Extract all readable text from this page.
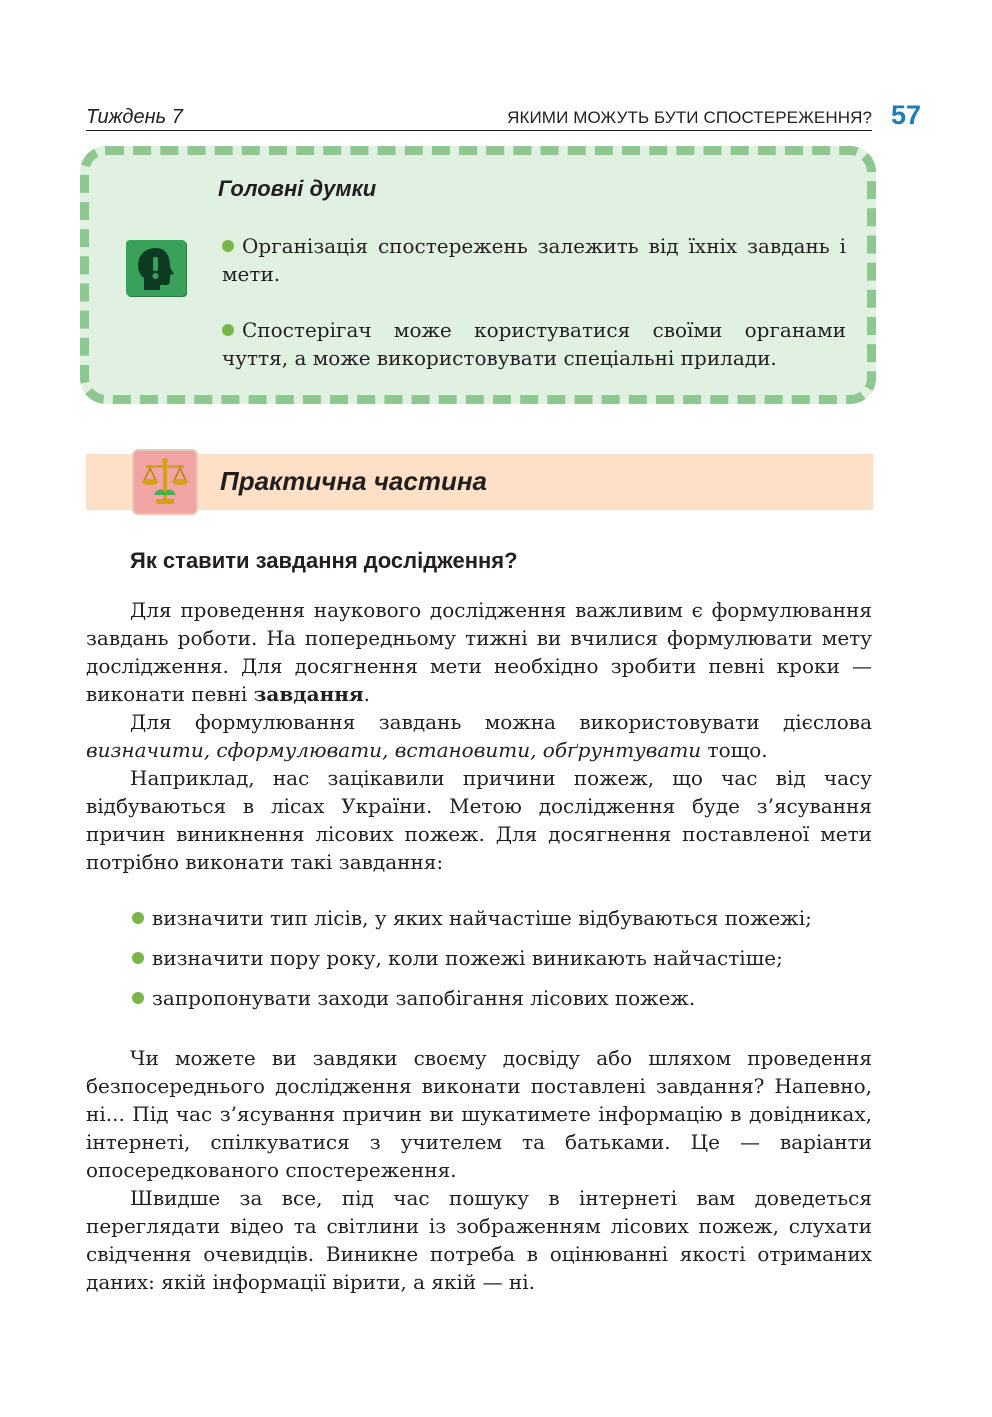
Тиждень 7	ЯКИМИ МОЖУТЬ БУТИ СПОСТЕРЕЖЕННЯ? 57
Головні думки
Організація спостережень залежить від їхніх завдань і мети.
Спостерігач може користуватися своїми органами чуття, а може використовувати спеціальні прилади.
Практична частина
Як ставити завдання дослідження?

Для проведення наукового дослідження важливим є формулювання завдань роботи. На попередньому тижні ви вчилися формулювати мету дослідження. Для досягнення мети необхідно зробити певні кроки — виконати певні завдання.

Для формулювання завдань можна використовувати дієслова визначити, сформулювати, встановити, обґрунтувати тощо.

Наприклад, нас зацікавили причини пожеж, що час від часу відбуваються в лісах України. Метою дослідження буде з’ясування причин виникнення лісових пожеж. Для досягнення поставленої мети потрібно виконати такі завдання:

визначити тип лісів, у яких найчастіше відбуваються пожежі;
визначити пору року, коли пожежі виникають найчастіше;
запропонувати заходи запобігання лісових пожеж.

Чи можете ви завдяки своєму досвіду або шляхом проведення безпосереднього дослідження виконати поставлені завдання? Напевно, ні... Під час з’ясування причин ви шукатимете інформацію в довідниках, інтернеті, спілкуватися з учителем та батьками. Це — варіанти опосередкованого спостереження.

Швидше за все, під час пошуку в інтернеті вам доведеться переглядати відео та світлини із зображенням лісових пожеж, слухати свідчення очевидців. Виникне потреба в оцінюванні якості отриманих даних: якій інформації вірити, а якій — ні.
